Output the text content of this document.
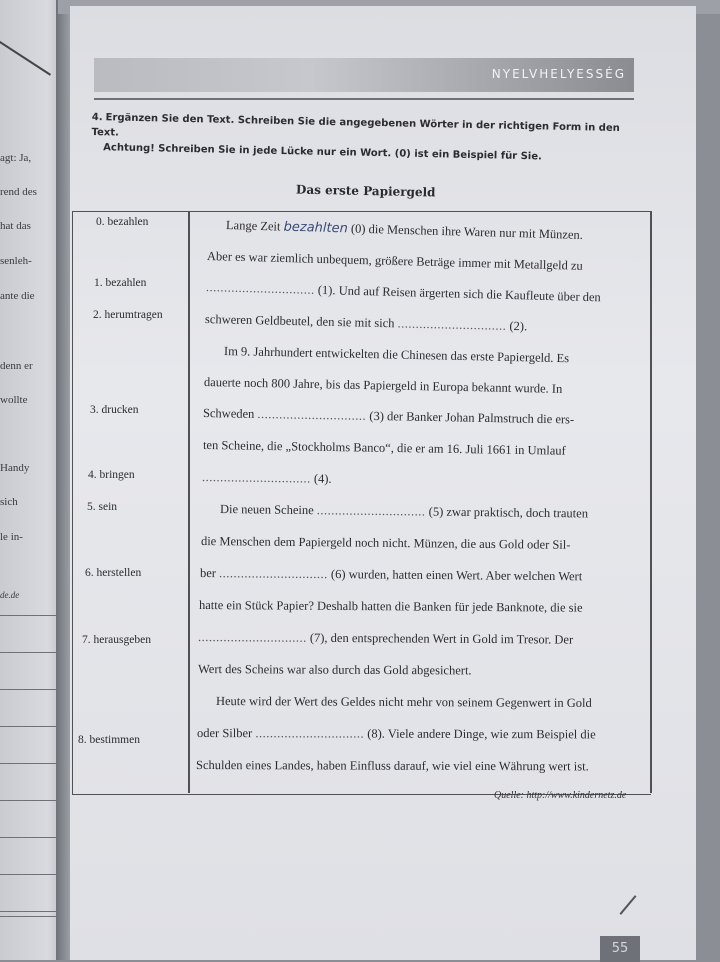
agt: Ja,
rend des
hat das
senleh-
ante die
denn er
wollte
Handy
sich
le in-
de.de
NYELVHELYESSÉG
4. Ergänzen Sie den Text. Schreiben Sie die angegebenen Wörter in der richtigen Form in den Text.
Achtung! Schreiben Sie in jede Lücke nur ein Wort. (0) ist ein Beispiel für Sie.
Das erste Papiergeld
0. bezahlen
1. bezahlen
2. herumtragen
3. drucken
4. bringen
5. sein
6. herstellen
7. herausgeben
8. bestimmen
Lange Zeit bezahlten (0) die Menschen ihre Waren nur mit Münzen.
Aber es war ziemlich unbequem, größere Beträge immer mit Metallgeld zu
.............................. (1). Und auf Reisen ärgerten sich die Kaufleute über den
schweren Geldbeutel, den sie mit sich .............................. (2).
Im 9. Jahrhundert entwickelten die Chinesen das erste Papiergeld. Es
dauerte noch 800 Jahre, bis das Papiergeld in Europa bekannt wurde. In
Schweden .............................. (3) der Banker Johan Palmstruch die ers-
ten Scheine, die „Stockholms Banco“, die er am 16. Juli 1661 in Umlauf
.............................. (4).
Die neuen Scheine .............................. (5) zwar praktisch, doch trauten
die Menschen dem Papiergeld noch nicht. Münzen, die aus Gold oder Sil-
ber .............................. (6) wurden, hatten einen Wert. Aber welchen Wert
hatte ein Stück Papier? Deshalb hatten die Banken für jede Banknote, die sie
.............................. (7), den entsprechenden Wert in Gold im Tresor. Der
Wert des Scheins war also durch das Gold abgesichert.
Heute wird der Wert des Geldes nicht mehr von seinem Gegenwert in Gold
oder Silber .............................. (8). Viele andere Dinge, wie zum Beispiel die
Schulden eines Landes, haben Einfluss darauf, wie viel eine Währung wert ist.
Quelle: http://www.kindernetz.de
55
